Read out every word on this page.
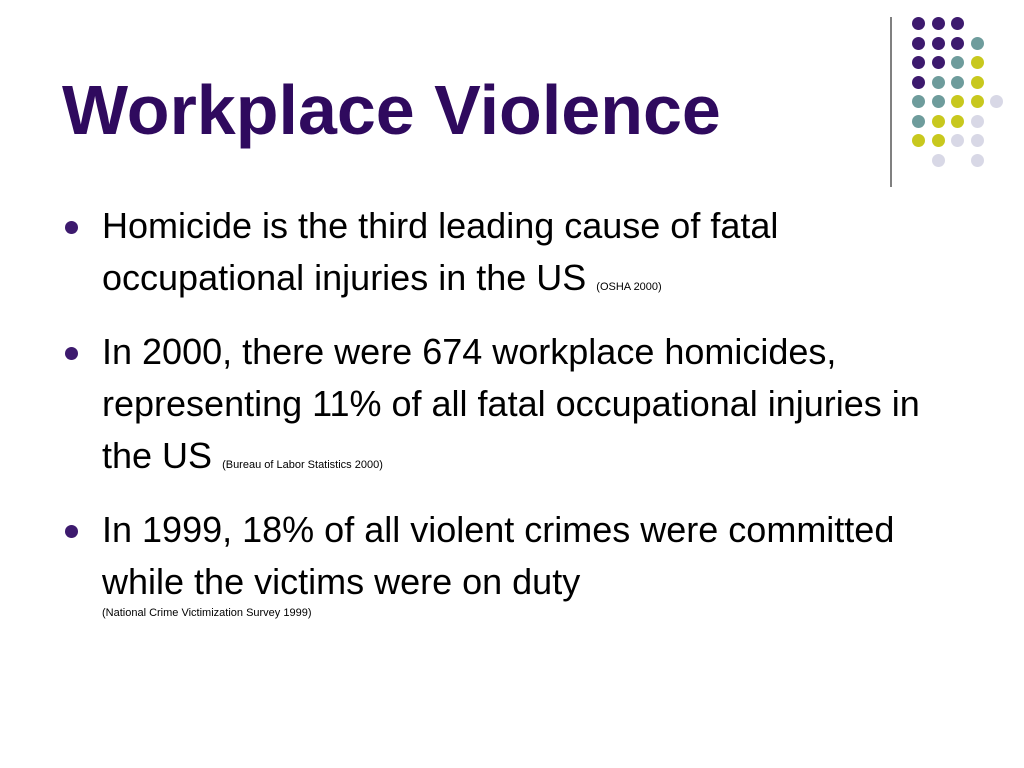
Workplace Violence
Homicide is the third leading cause of fatal occupational injuries in the US (OSHA 2000)
In 2000, there were 674 workplace homicides, representing 11% of all fatal occupational injuries in the US (Bureau of Labor Statistics 2000)
In 1999, 18% of all violent crimes were committed while the victims were on duty
(National Crime Victimization Survey 1999)
